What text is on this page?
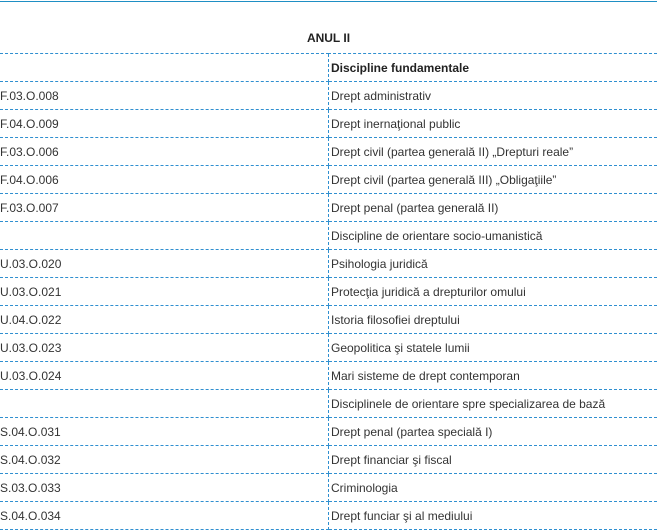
ANUL II	
	Discipline fundamentale
F.03.O.008	Drept administrativ
F.04.O.009	Drept inernaţional public
F.03.O.006	Drept civil (partea generală II) „Drepturi reale”
F.04.O.006	Drept civil (partea generală III) „Obligaţiile”
F.03.O.007	Drept penal (partea generală II)
	Discipline de orientare socio-umanistică
U.03.O.020	Psihologia juridică
U.03.O.021	Protecţia juridică a drepturilor omului
U.04.O.022	Istoria filosofiei dreptului
U.03.O.023	Geopolitica şi statele lumii
U.03.O.024	Mari sisteme de drept contemporan
	Disciplinele de orientare spre specializarea de bază
S.04.O.031	Drept penal (partea specială I)
S.04.O.032	Drept financiar şi fiscal
S.03.O.033	Criminologia
S.04.O.034	Drept funciar şi al mediului
